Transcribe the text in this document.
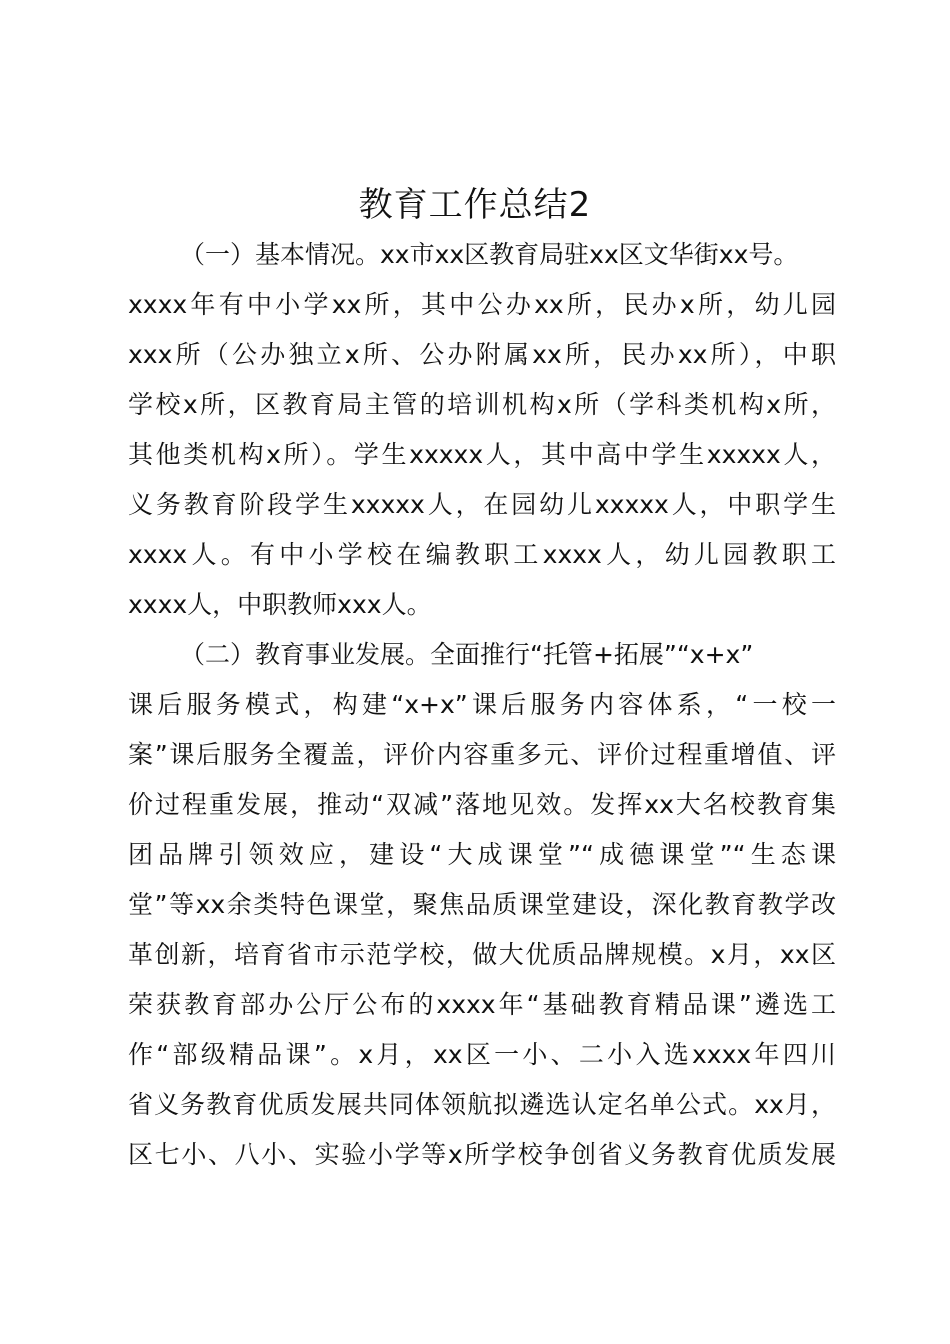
教育工作总结2
（一）基本情况。xx市xx区教育局驻xx区文华街xx号。
xxxx年有中小学xx所，其中公办xx所，民办x所，幼儿园
xxx所（公办独立x所、公办附属xx所，民办xx所），中职
学校x所，区教育局主管的培训机构x所（学科类机构x所，
其他类机构x所）。学生xxxxx人，其中高中学生xxxxx人，
义务教育阶段学生xxxxx人，在园幼儿xxxxx人，中职学生
xxxx人。有中小学校在编教职工xxxx人，幼儿园教职工
xxxx人，中职教师xxx人。
（二）教育事业发展。全面推行“托管+拓展”“x+x”
课后服务模式，构建“x+x”课后服务内容体系，“一校一
案”课后服务全覆盖，评价内容重多元、评价过程重增值、评
价过程重发展，推动“双减”落地见效。发挥xx大名校教育集
团品牌引领效应，建设“大成课堂”“成德课堂”“生态课
堂”等xx余类特色课堂，聚焦品质课堂建设，深化教育教学改
革创新，培育省市示范学校，做大优质品牌规模。x月，xx区
荣获教育部办公厅公布的xxxx年“基础教育精品课”遴选工
作“部级精品课”。x月，xx区一小、二小入选xxxx年四川
省义务教育优质发展共同体领航拟遴选认定名单公式。xx月，
区七小、八小、实验小学等x所学校争创省义务教育优质发展
